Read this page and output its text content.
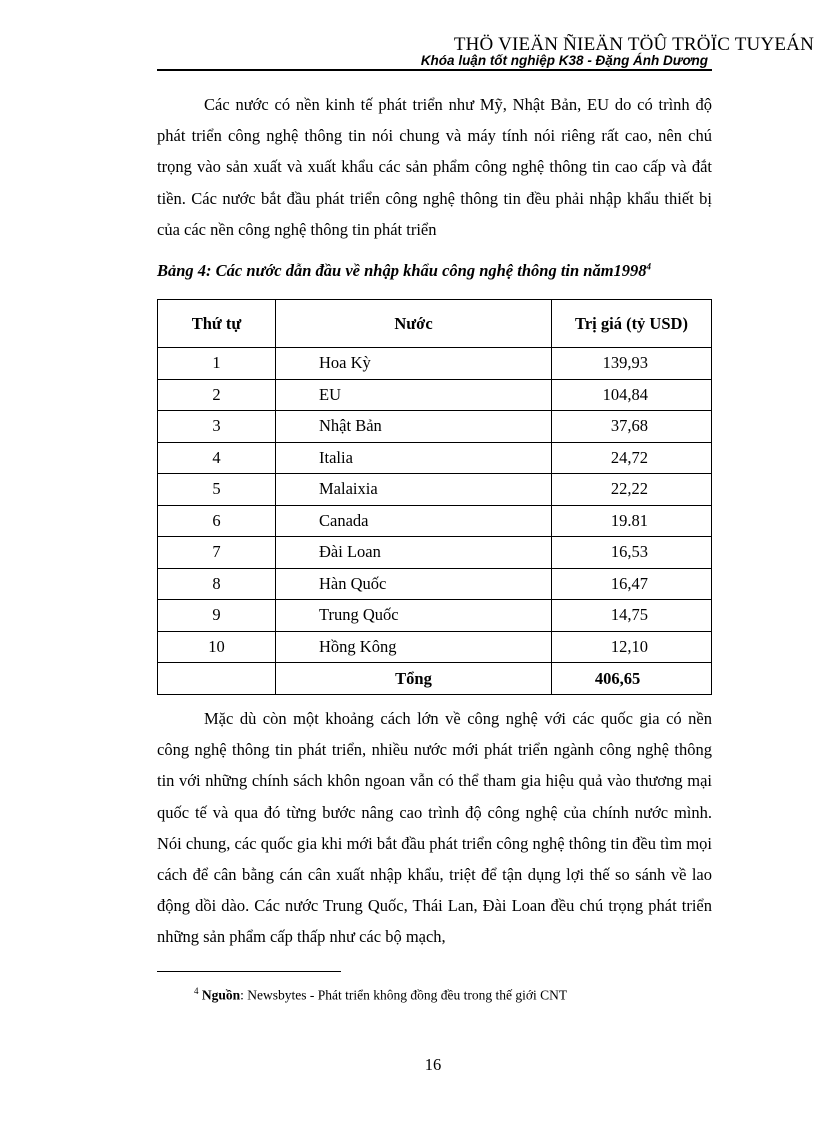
THÖ VIEÄN ÑIEÄN TÖÛ TRÖÏC TUYEÁN
Khóa luận tốt nghiệp K38 - Đặng Ánh Dương

Các nước có nền kinh tế phát triển như Mỹ, Nhật Bản, EU do có trình độ phát triển công nghệ thông tin nói chung và máy tính nói riêng rất cao, nên chú trọng vào sản xuất và xuất khẩu các sản phẩm công nghệ thông tin cao cấp và đắt tiền. Các nước bắt đầu phát triển công nghệ thông tin đều phải nhập khẩu thiết bị của các nền công nghệ thông tin phát triển

Bảng 4: Các nước dẫn đầu về nhập khẩu công nghệ thông tin năm1998$^4$
Thứ tự	Nước	Trị giá (tỷ USD)
1	Hoa Kỳ	139,93
2	EU	104,84
3	Nhật Bản	37,68
4	Italia	24,72
5	Malaixia	22,22
6	Canada	19.81
7	Đài Loan	16,53
8	Hàn Quốc	16,47
9	Trung Quốc	14,75
10	Hồng Kông	12,10
	Tổng	406,65

Mặc dù còn một khoảng cách lớn về công nghệ với các quốc gia có nền công nghệ thông tin phát triển, nhiều nước mới phát triển ngành công nghệ thông tin với những chính sách khôn ngoan vẫn có thể tham gia hiệu quả vào thương mại quốc tế và qua đó từng bước nâng cao trình độ công nghệ của chính nước mình. Nói chung, các quốc gia khi mới bắt đầu phát triển công nghệ thông tin đều tìm mọi cách để cân bằng cán cân xuất nhập khẩu, triệt để tận dụng lợi thế so sánh về lao động dồi dào. Các nước Trung Quốc, Thái Lan, Đài Loan đều chú trọng phát triển những sản phẩm cấp thấp như các bộ mạch,

$^4$ Nguồn: Newsbytes - Phát triển không đồng đều trong thế giới CNT
16
